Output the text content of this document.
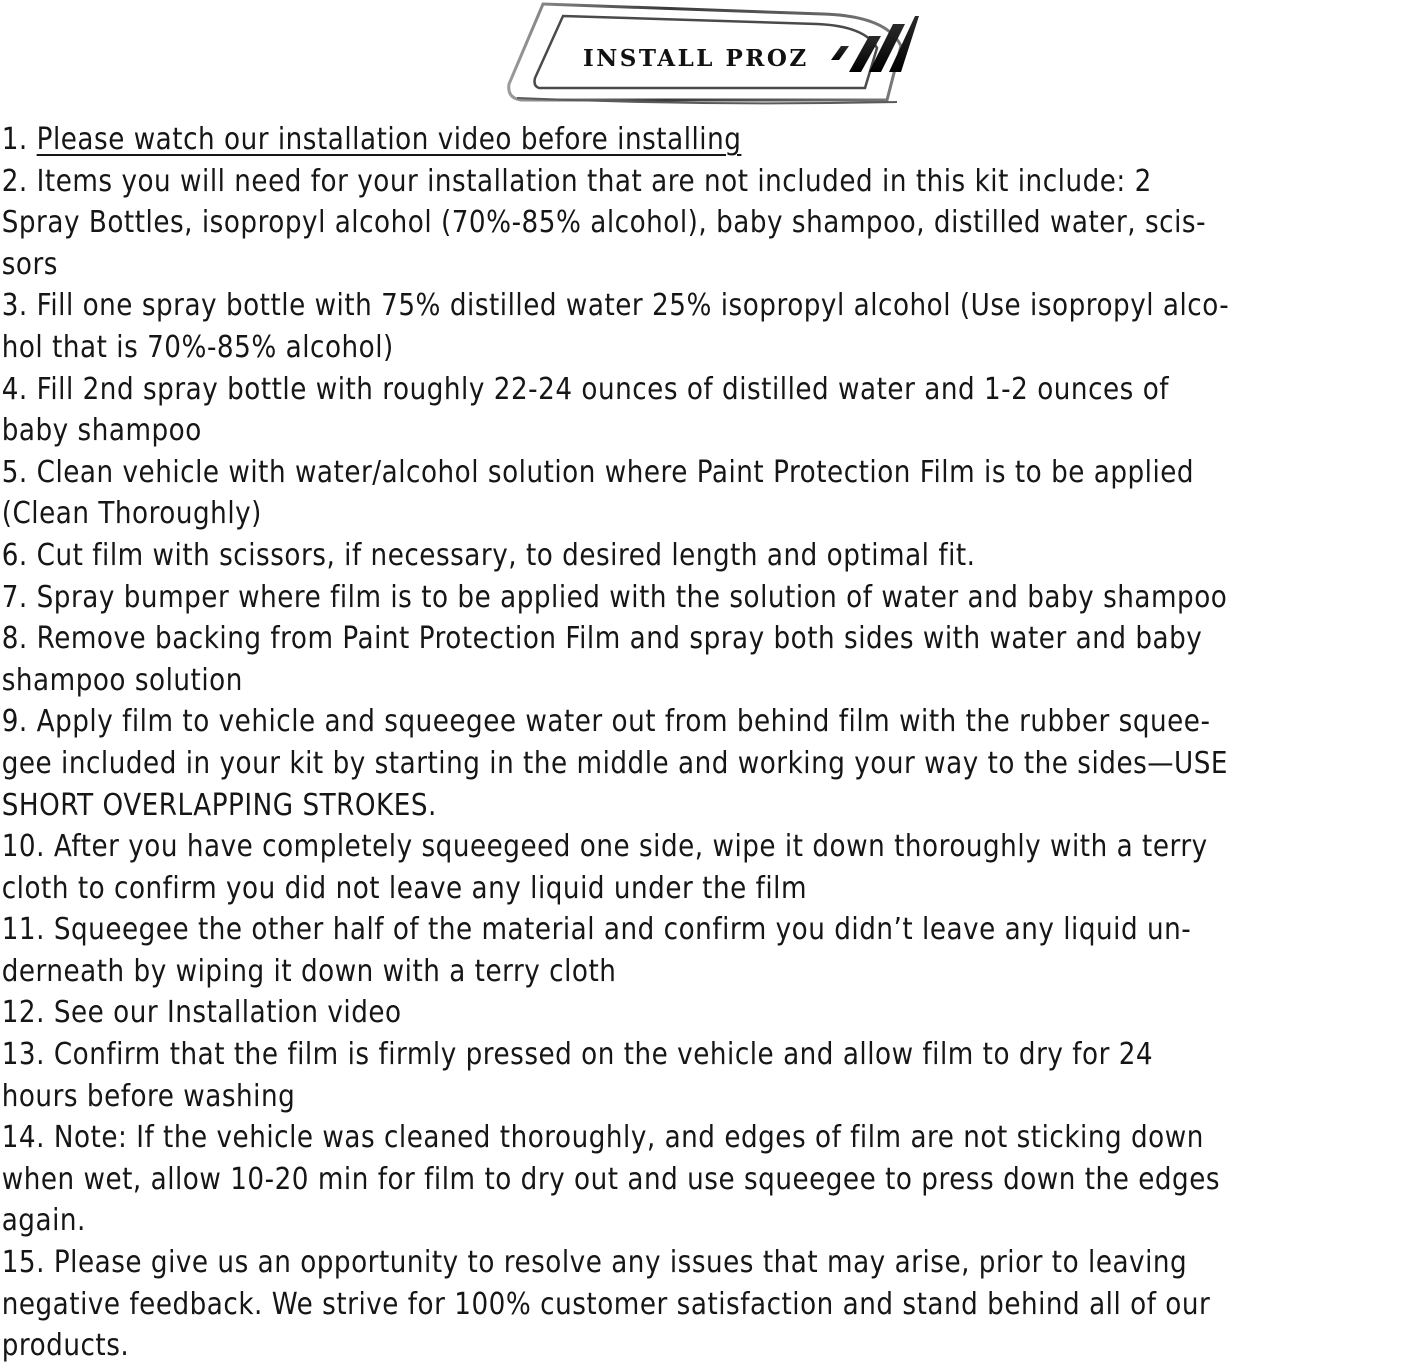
INSTALL PROZ
1. Please watch our installation video before installing
2. Items you will need for your installation that are not included in this kit include: 2
Spray Bottles, isopropyl alcohol (70%-85% alcohol), baby shampoo, distilled water, scis-
sors
3. Fill one spray bottle with 75% distilled water 25% isopropyl alcohol (Use isopropyl alco-
hol that is 70%-85% alcohol)
4. Fill 2nd spray bottle with roughly 22-24 ounces of distilled water and 1-2 ounces of
baby shampoo
5. Clean vehicle with water/alcohol solution where Paint Protection Film is to be applied
(Clean Thoroughly)
6. Cut film with scissors, if necessary, to desired length and optimal fit.
7. Spray bumper where film is to be applied with the solution of water and baby shampoo
8. Remove backing from Paint Protection Film and spray both sides with water and baby
shampoo solution
9. Apply film to vehicle and squeegee water out from behind film with the rubber squee-
gee included in your kit by starting in the middle and working your way to the sides—USE
SHORT OVERLAPPING STROKES.
10. After you have completely squeegeed one side, wipe it down thoroughly with a terry
cloth to confirm you did not leave any liquid under the film
11. Squeegee the other half of the material and confirm you didn’t leave any liquid un-
derneath by wiping it down with a terry cloth
12. See our Installation video
13. Confirm that the film is firmly pressed on the vehicle and allow film to dry for 24
hours before washing
14. Note: If the vehicle was cleaned thoroughly, and edges of film are not sticking down
when wet, allow 10-20 min for film to dry out and use squeegee to press down the edges
again.
15. Please give us an opportunity to resolve any issues that may arise, prior to leaving
negative feedback. We strive for 100% customer satisfaction and stand behind all of our
products.
